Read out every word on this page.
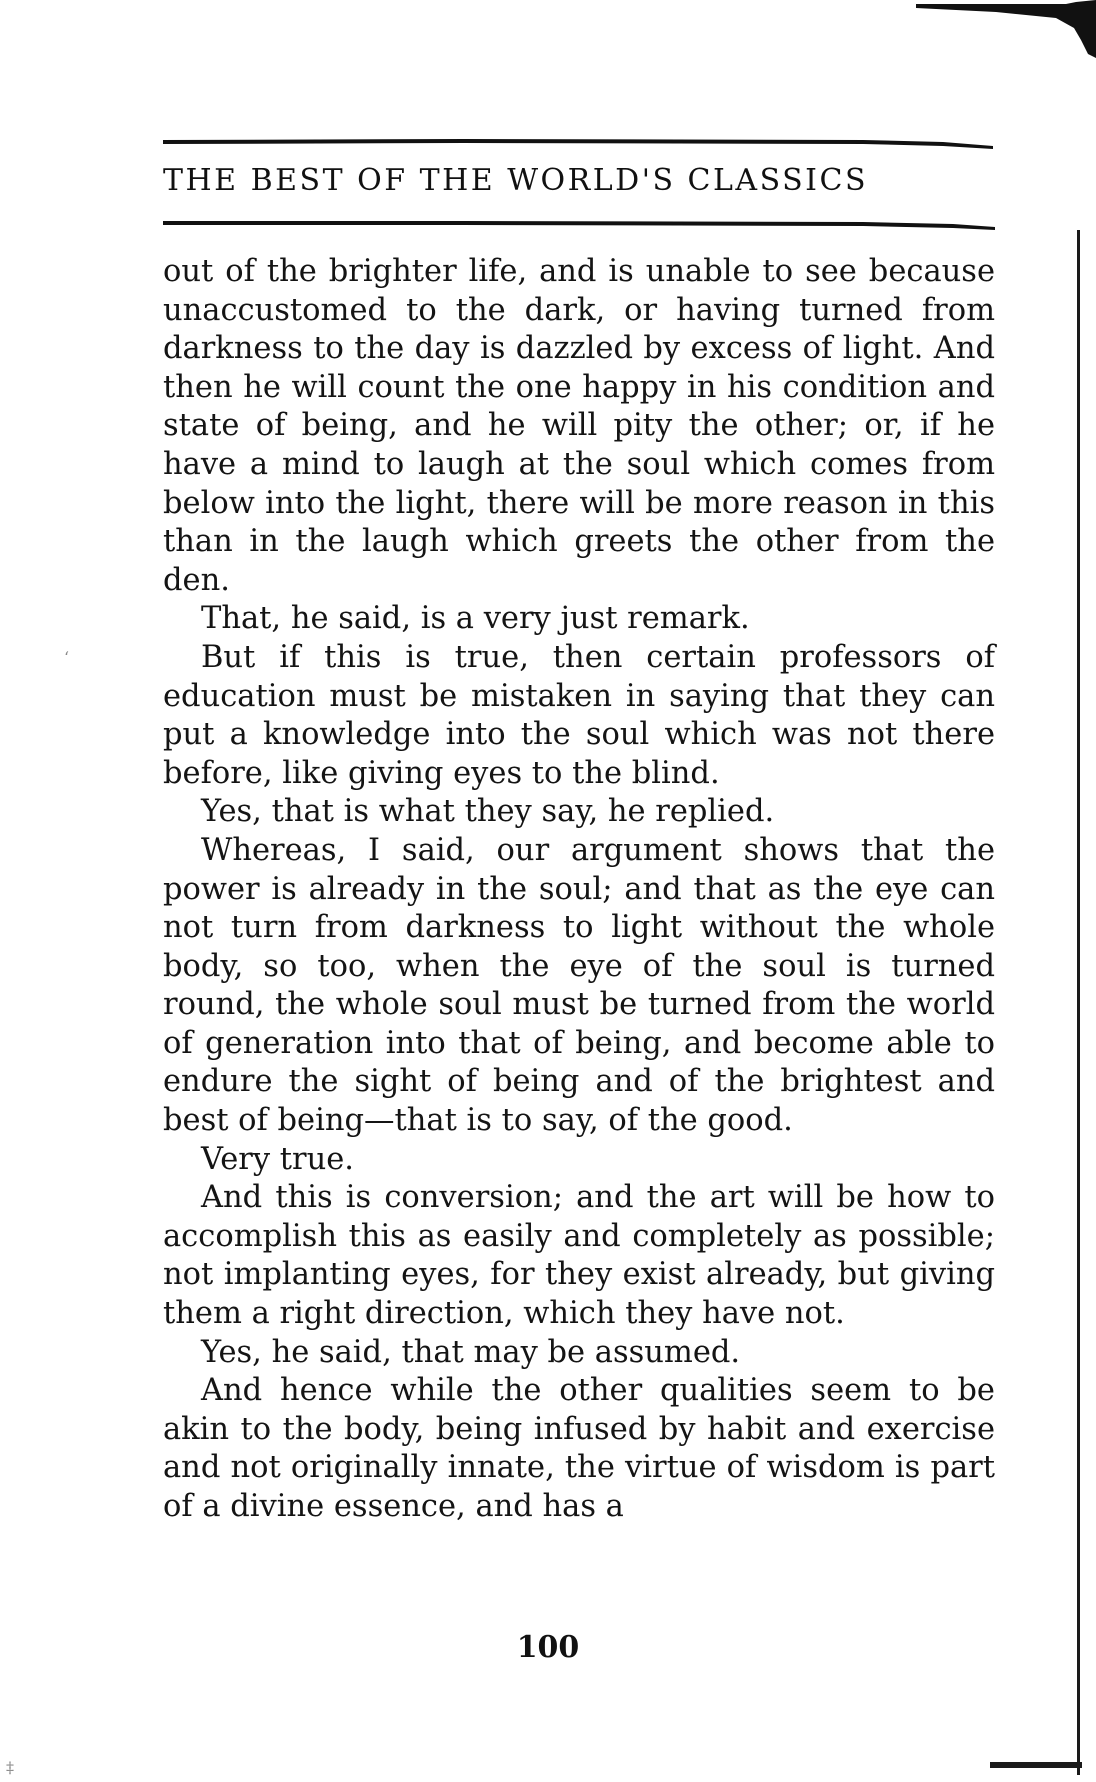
THE BEST OF THE WORLD'S CLASSICS

out of the brighter life, and is unable to see because unaccustomed to the dark, or having turned from darkness to the day is dazzled by excess of light. And then he will count the one happy in his condition and state of being, and he will pity the other; or, if he have a mind to laugh at the soul which comes from below into the light, there will be more reason in this than in the laugh which greets the other from the den.

That, he said, is a very just remark.

But if this is true, then certain professors of education must be mistaken in saying that they can put a knowledge into the soul which was not there before, like giving eyes to the blind.

Yes, that is what they say, he replied.

Whereas, I said, our argument shows that the power is already in the soul; and that as the eye can not turn from darkness to light without the whole body, so too, when the eye of the soul is turned round, the whole soul must be turned from the world of generation into that of being, and become able to endure the sight of being and of the brightest and best of being—that is to say, of the good.

Very true.

And this is conversion; and the art will be how to accomplish this as easily and completely as possible; not implanting eyes, for they exist already, but giving them a right direction, which they have not.

Yes, he said, that may be assumed.

And hence while the other qualities seem to be akin to the body, being infused by habit and exercise and not originally innate, the virtue of wisdom is part of a divine essence, and has a

100
‘
‡
